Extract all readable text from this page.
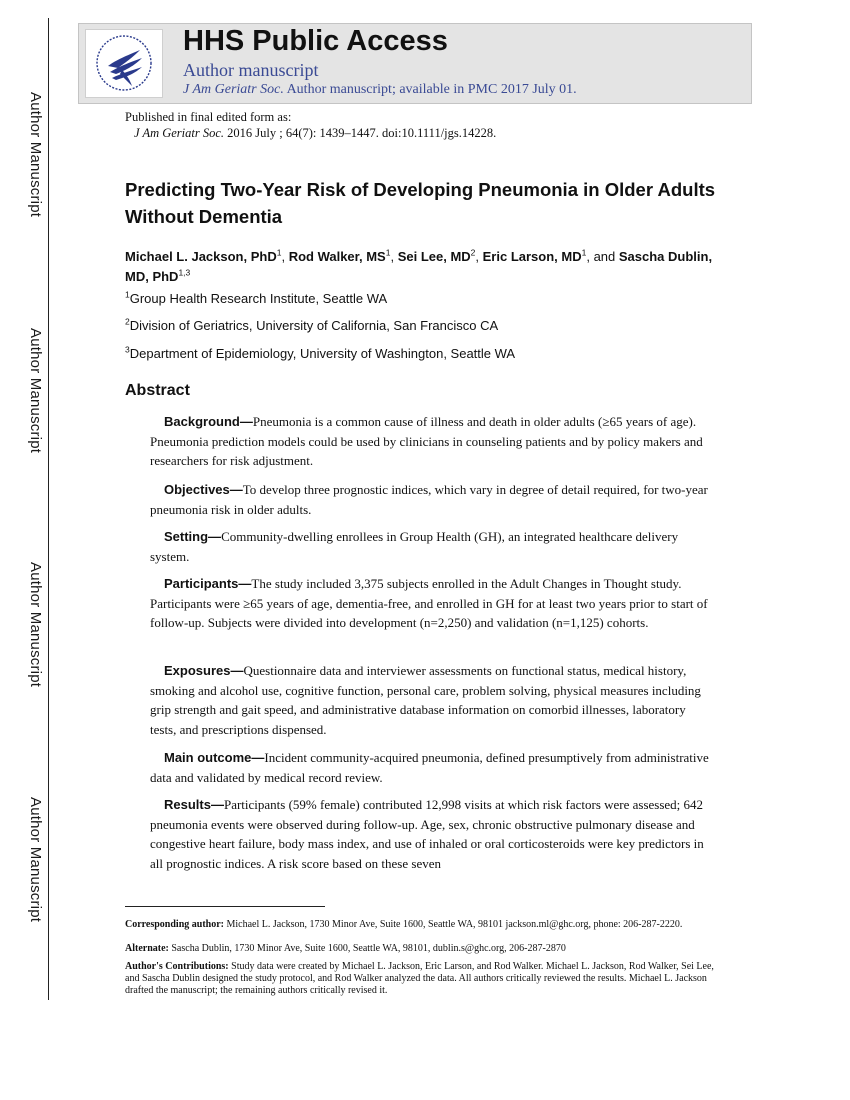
Author Manuscript
Author Manuscript
Author Manuscript
Author Manuscript
HHS Public Access
Author manuscript
J Am Geriatr Soc. Author manuscript; available in PMC 2017 July 01.
Published in final edited form as:
J Am Geriatr Soc. 2016 July ; 64(7): 1439–1447. doi:10.1111/jgs.14228.
Predicting Two-Year Risk of Developing Pneumonia in Older Adults Without Dementia
Michael L. Jackson, PhD$^1$, Rod Walker, $MS^1$, Sei Lee, $MD^2$, Eric Larson, $MD^1$, and Sascha Dublin, MD, PhD$^{1,3}$
$^1$Group Health Research Institute, Seattle WA
$^2$Division of Geriatrics, University of California, San Francisco CA
$^3$Department of Epidemiology, University of Washington, Seattle WA
Abstract
Background—Pneumonia is a common cause of illness and death in older adults (≥65 years of age). Pneumonia prediction models could be used by clinicians in counseling patients and by policy makers and researchers for risk adjustment.
Objectives—To develop three prognostic indices, which vary in degree of detail required, for two-year pneumonia risk in older adults.
Setting—Community-dwelling enrollees in Group Health (GH), an integrated healthcare delivery system.
Participants—The study included 3,375 subjects enrolled in the Adult Changes in Thought study. Participants were ≥65 years of age, dementia-free, and enrolled in GH for at least two years prior to start of follow-up. Subjects were divided into development (n=2,250) and validation (n=1,125) cohorts.
Exposures—Questionnaire data and interviewer assessments on functional status, medical history, smoking and alcohol use, cognitive function, personal care, problem solving, physical measures including grip strength and gait speed, and administrative database information on comorbid illnesses, laboratory tests, and prescriptions dispensed.
Main outcome—Incident community-acquired pneumonia, defined presumptively from administrative data and validated by medical record review.
Results—Participants (59% female) contributed 12,998 visits at which risk factors were assessed; 642 pneumonia events were observed during follow-up. Age, sex, chronic obstructive pulmonary disease and congestive heart failure, body mass index, and use of inhaled or oral corticosteroids were key predictors in all prognostic indices. A risk score based on these seven
Corresponding author: Michael L. Jackson, 1730 Minor Ave, Suite 1600, Seattle WA, 98101 jackson.ml@ghc.org, phone: 206-287-2220.
Alternate: Sascha Dublin, 1730 Minor Ave, Suite 1600, Seattle WA, 98101, dublin.s@ghc.org, 206-287-2870
Author's Contributions: Study data were created by Michael L. Jackson, Eric Larson, and Rod Walker. Michael L. Jackson, Rod Walker, Sei Lee, and Sascha Dublin designed the study protocol, and Rod Walker analyzed the data. All authors critically reviewed the results. Michael L. Jackson drafted the manuscript; the remaining authors critically revised it.
